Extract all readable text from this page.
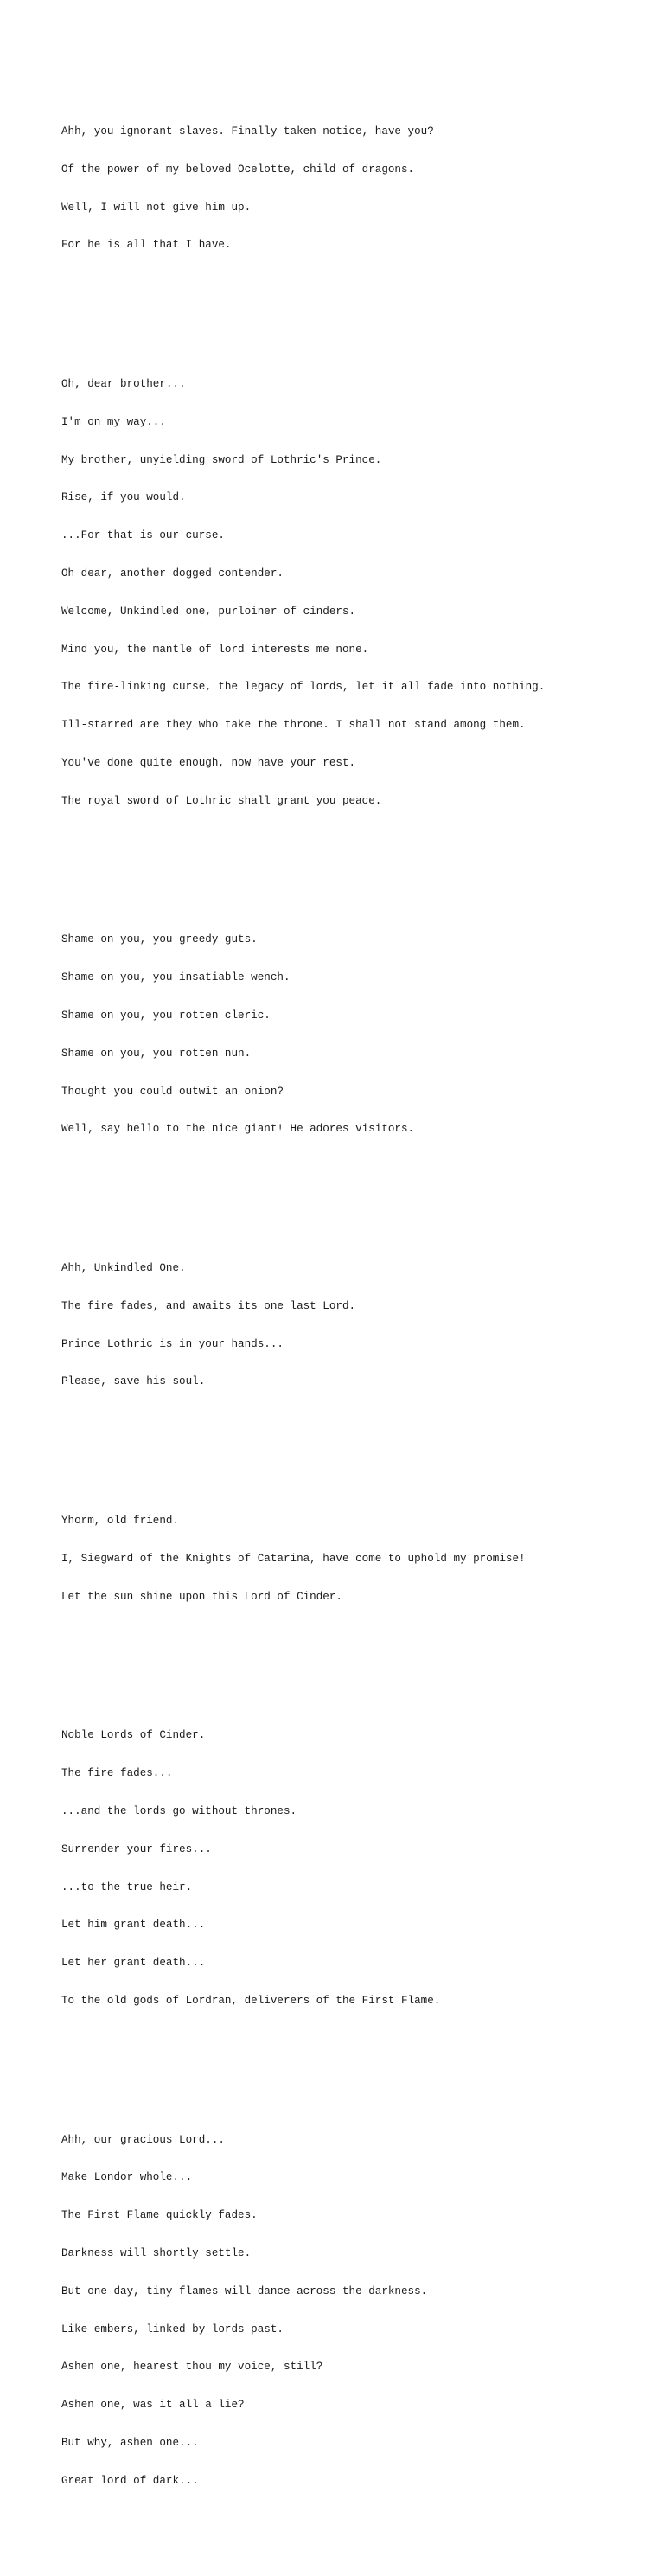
Ahh, you ignorant slaves. Finally taken notice, have you?

Of the power of my beloved Ocelotte, child of dragons.

Well, I will not give him up.

For he is all that I have.

Oh, dear brother...

I'm on my way...

My brother, unyielding sword of Lothric's Prince.

Rise, if you would.

...For that is our curse.

Oh dear, another dogged contender.

Welcome, Unkindled one, purloiner of cinders.

Mind you, the mantle of lord interests me none.

The fire-linking curse, the legacy of lords, let it all fade into nothing.

Ill-starred are they who take the throne. I shall not stand among them.

You've done quite enough, now have your rest.

The royal sword of Lothric shall grant you peace.

Shame on you, you greedy guts.

Shame on you, you insatiable wench.

Shame on you, you rotten cleric.

Shame on you, you rotten nun.

Thought you could outwit an onion?

Well, say hello to the nice giant! He adores visitors.

Ahh, Unkindled One.

The fire fades, and awaits its one last Lord.

Prince Lothric is in your hands...

Please, save his soul.

Yhorm, old friend.

I, Siegward of the Knights of Catarina, have come to uphold my promise!

Let the sun shine upon this Lord of Cinder.

Noble Lords of Cinder.

The fire fades...

...and the lords go without thrones.

Surrender your fires...

...to the true heir.

Let him grant death...

Let her grant death...

To the old gods of Lordran, deliverers of the First Flame.

Ahh, our gracious Lord...

Make Londor whole...

The First Flame quickly fades.

Darkness will shortly settle.

But one day, tiny flames will dance across the darkness.

Like embers, linked by lords past.

Ashen one, hearest thou my voice, still?

Ashen one, was it all a lie?

But why, ashen one...

Great lord of dark...
